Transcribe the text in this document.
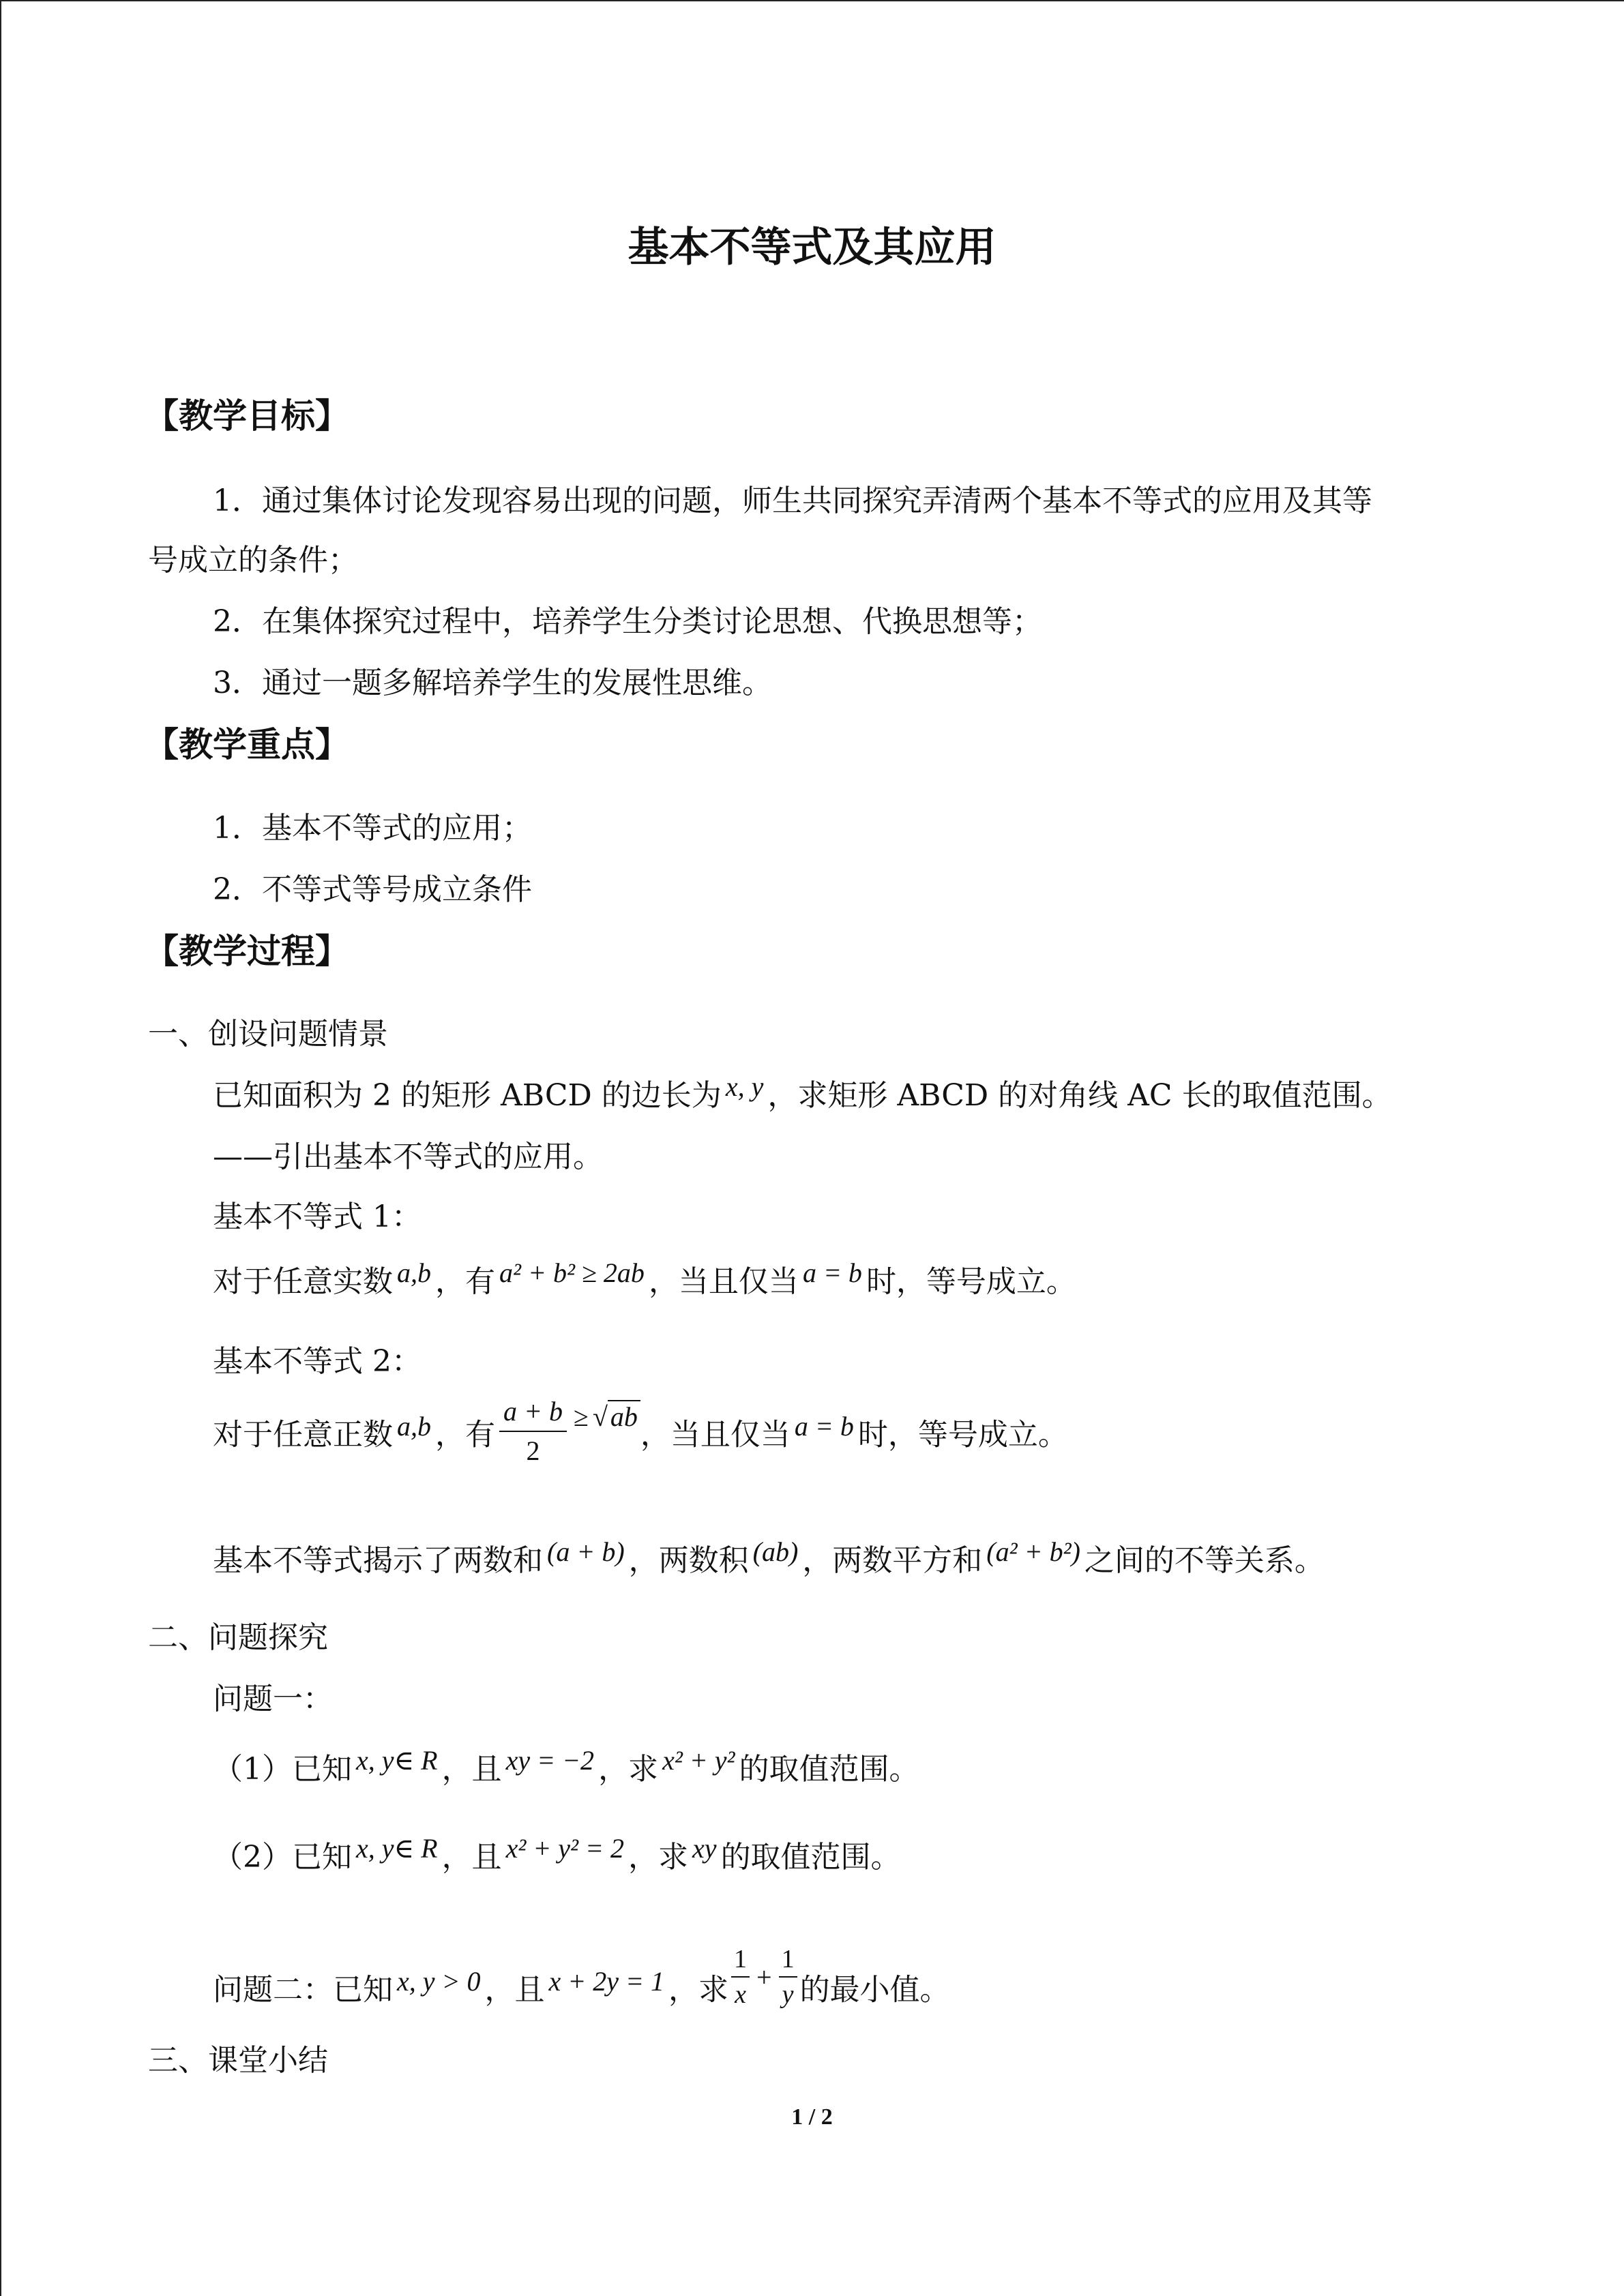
基本不等式及其应用
【教学目标】
1．通过集体讨论发现容易出现的问题，师生共同探究弄清两个基本不等式的应用及其等
号成立的条件；
2．在集体探究过程中，培养学生分类讨论思想、代换思想等；
3．通过一题多解培养学生的发展性思维。
【教学重点】
1．基本不等式的应用；
2．不等式等号成立条件
【教学过程】
一、创设问题情景
已知面积为 2 的矩形 ABCD 的边长为 x, y ，求矩形 ABCD 的对角线 AC 长的取值范围。
——引出基本不等式的应用。
基本不等式 1：
对于任意实数 a,b ，有 a² + b² ≥ 2ab ，当且仅当 a = b 时，等号成立。
基本不等式 2：
对于任意正数 a,b ，有 $\frac{a + b}{2}$ ≥ √ ab，当且仅当 a = b 时，等号成立。
基本不等式揭示了两数和 (a + b) ，两数积 (ab) ，两数平方和 (a² + b²) 之间的不等关系。
二、问题探究
问题一：
（1）已知 x, y∈ R ，且 xy = −2 ，求 x² + y² 的取值范围。
（2）已知 x, y∈ R ，且 x² + y² = 2 ，求 xy 的取值范围。
问题二：已知 x, y > 0 ，且 x + 2y = 1 ，求 $\frac{1}{x} + \frac{1}{y}$ 的最小值。
三、课堂小结
1 / 2
